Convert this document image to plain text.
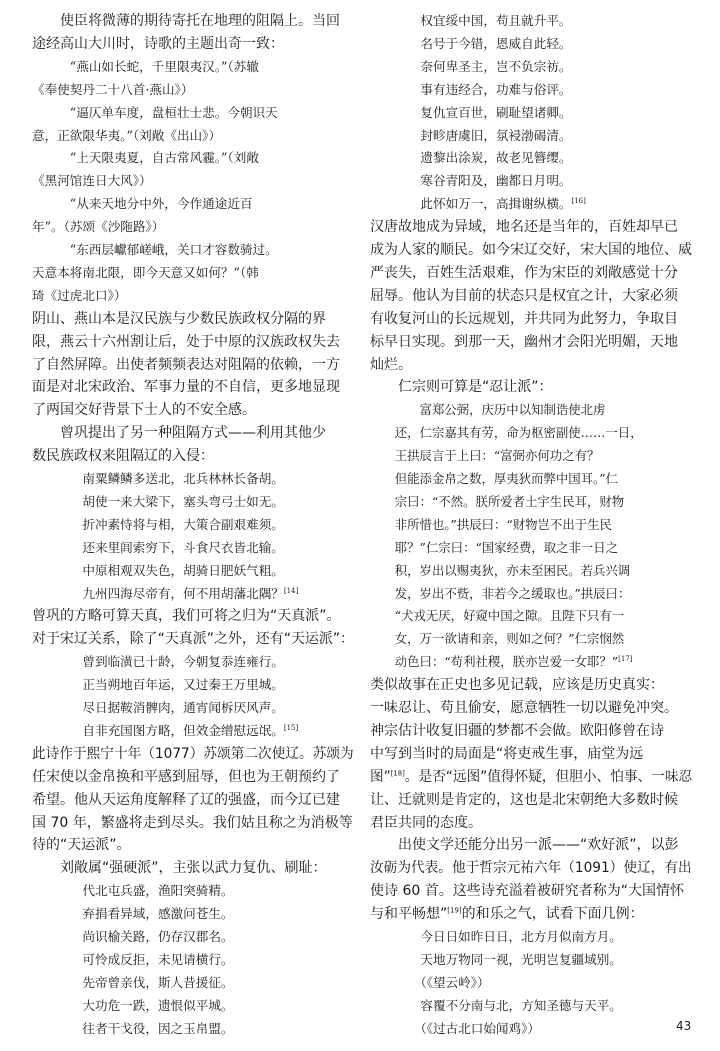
　　使臣将微薄的期待寄托在地理的阻隔上。当回
途经高山大川时，诗歌的主题出奇一致：
　　　“燕山如长蛇，千里限夷汉。”（苏辙
《奉使契丹二十八首·燕山》）
　　　“逼仄单车度，盘桓壮士悲。今朝识天
意，正欲限华夷。”（刘敞《出山》）
　　　“上天限夷夏，自古常风霾。”（刘敞
《黑河馆连日大风》）
　　　“从来天地分中外，今作通途近百
年”。（苏颂《沙陁路》）
　　　“东西层巘郁嵯峨，关口才容数骑过。
天意本将南北限，即今天意又如何？”（韩
琦《过虎北口》）
阴山、燕山本是汉民族与少数民族政权分隔的界
限，燕云十六州割让后，处于中原的汉族政权失去
了自然屏障。出使者频频表达对阻隔的依赖，一方
面是对北宋政治、军事力量的不自信，更多地显现
了两国交好背景下士人的不安全感。
　　曾巩提出了另一种阻隔方式——利用其他少
数民族政权来阻隔辽的入侵：
　　　　南粟鳞鳞多送北，北兵林林长备胡。
　　　　胡使一来大梁下，塞头弯弓士如无。
　　　　折冲素恃将与相，大策合副艰难须。
　　　　还来里闾索穷下，斗食尺衣皆北输。
　　　　中原相观双失色，胡骑日肥妖气粗。
　　　　九州四海尽帝有，何不用胡藩北隅？[14]
曾巩的方略可算天真，我们可将之归为“天真派”。
对于宋辽关系，除了“天真派”之外，还有“天运派”：
　　　　曾到临潢已十龄，今朝复忝连雍行。
　　　　正当朔地百年运，又过秦王万里城。
　　　　尽日据鞍消髀肉，通宵闻柝厌风声。
　　　　自非充国图方略，但效金缯慰远氓。[15]
此诗作于熙宁十年（1077）苏颂第二次使辽。苏颂为
任宋使以金帛换和平感到屈辱，但也为王朝预约了
希望。他从天运角度解释了辽的强盛，而今辽已建
国 70 年，繁盛将走到尽头。我们姑且称之为消极等
待的“天运派”。
　　刘敞属“强硬派”，主张以武力复仇、刷耻：
　　　　代北屯兵盛，渔阳突骑精。
　　　　弃捐看异域，感激问苍生。
　　　　尚识榆关路，仍存汉郡名。
　　　　可怜成反拒，未见请横行。
　　　　先帝曾亲伐，斯人昔援征。
　　　　大功危一跌，遗恨似平城。
　　　　往者干戈役，因之玉帛盟。
　　　　权宜绥中国，苟且就升平。
　　　　名号于今错，恩威自此轻。
　　　　奈何卑圣主，岂不负宗祊。
　　　　事有违经合，功难与俗评。
　　　　复仇宣百世，刷耻望诸卿。
　　　　封畛唐虞旧，氛祲渤碣清。
　　　　遗黎出涂炭，故老见簪缨。
　　　　寒谷青阳及，幽都日月明。
　　　　此怀如万一，高揖谢纵横。[16]
汉唐故地成为异域，地名还是当年的，百姓却早已
成为人家的顺民。如今宋辽交好，宋大国的地位、威
严丧失，百姓生活艰难，作为宋臣的刘敞感觉十分
屈辱。他认为目前的状态只是权宜之计，大家必须
有收复河山的长远规划，并共同为此努力，争取目
标早日实现。到那一天，幽州才会阳光明媚，天地
灿烂。
　　仁宗则可算是“忍让派”：
　　　　富郑公弼，庆历中以知制诰使北虏
　　还，仁宗嘉其有劳，命为枢密副使……一日，
　　王拱辰言于上曰：“富弼亦何功之有？
　　但能添金帛之数，厚夷狄而弊中国耳。”仁
　　宗曰：“不然。朕所爱者土宇生民耳，财物
　　非所惜也。”拱辰曰：“财物岂不出于生民
　　耶？”仁宗曰：“国家经费，取之非一日之
　　积，岁出以赐夷狄，亦未至困民。若兵兴调
　　发，岁出不赀，非若今之缓取也。”拱辰曰：
　　“犬戎无厌，好窥中国之隙。且陛下只有一
　　女，万一欲请和亲，则如之何？”仁宗悯然
　　动色曰：“苟利社稷，朕亦岂爱一女耶？”[17]
类似故事在正史也多见记载，应该是历史真实：
一味忍让、苟且偷安，愿意牺牲一切以避免冲突。
神宗估计收复旧疆的梦都不会做。欧阳修曾在诗
中写到当时的局面是“将吏戒生事，庙堂为远
图”[18]。是否“远图”值得怀疑，但胆小、怕事、一味忍
让、迁就则是肯定的，这也是北宋朝绝大多数时候
君臣共同的态度。
　　出使文学还能分出另一派——“欢好派”，以彭
汝砺为代表。他于哲宗元祐六年（1091）使辽，有出
使诗 60 首。这些诗充溢着被研究者称为“大国情怀
与和平畅想”[19]的和乐之气，试看下面几例：
　　　　今日日如昨日日，北方月似南方月。
　　　　天地万物同一视，光明岂复疆域别。
　　　　（《望云岭》）
　　　　容覆不分南与北，方知圣德与天平。
　　　　（《过古北口始闻鸡》）	43
